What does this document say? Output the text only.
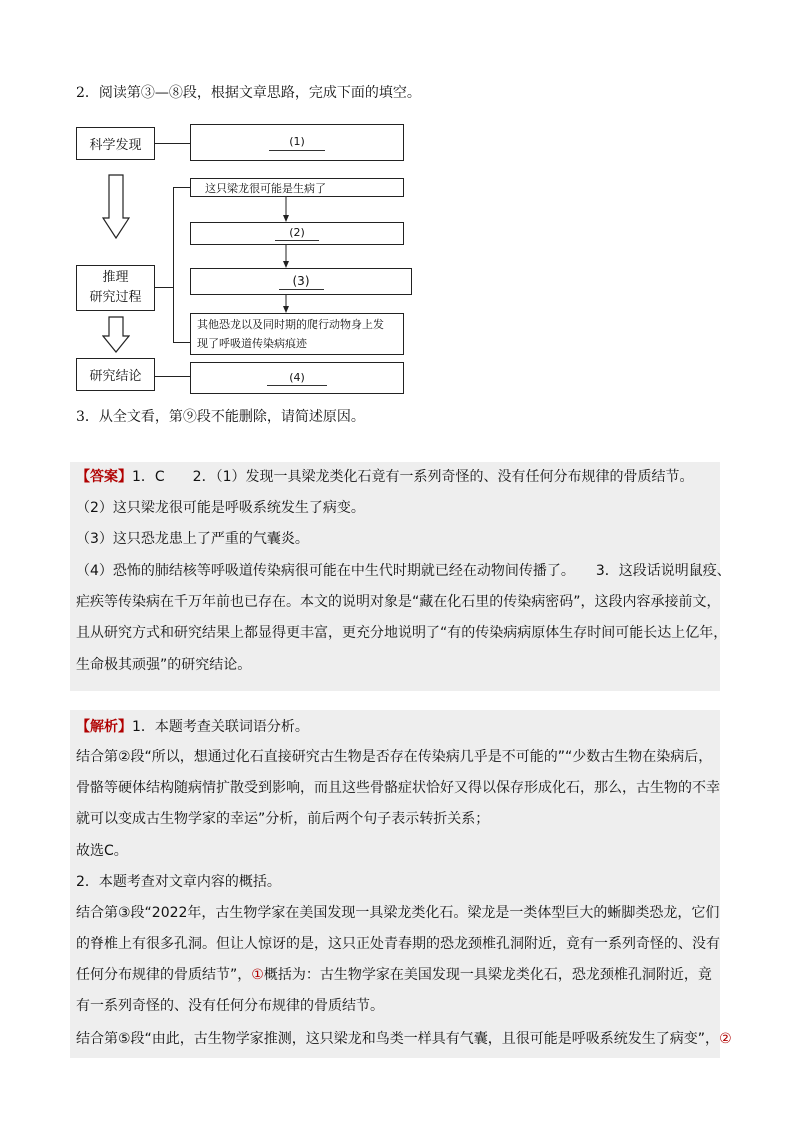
2．阅读第③—⑧段，根据文章思路，完成下面的填空。
科学发现
推理
研究过程
研究结论
(1)
这只梁龙很可能是生病了
(2)
(3)
其他恐龙以及同时期的爬行动物身上发
现了呼吸道传染病痕迹
(4)
3．从全文看，第⑨段不能删除，请简述原因。
【答案】1．C　　2．（1）发现一具梁龙类化石竟有一系列奇怪的、没有任何分布规律的骨质结节。
（2）这只梁龙很可能是呼吸系统发生了病变。
（3）这只恐龙患上了严重的气囊炎。
（4）恐怖的肺结核等呼吸道传染病很可能在中生代时期就已经在动物间传播了。　　3．这段话说明鼠疫、
疟疾等传染病在千万年前也已存在。本文的说明对象是“藏在化石里的传染病密码”，这段内容承接前文，
且从研究方式和研究结果上都显得更丰富，更充分地说明了“有的传染病病原体生存时间可能长达上亿年，
生命极其顽强”的研究结论。
【解析】1．本题考查关联词语分析。
结合第②段“所以，想通过化石直接研究古生物是否存在传染病几乎是不可能的”“少数古生物在染病后，
骨骼等硬体结构随病情扩散受到影响，而且这些骨骼症状恰好又得以保存形成化石，那么，古生物的不幸
就可以变成古生物学家的幸运”分析，前后两个句子表示转折关系；
故选C。
2．本题考查对文章内容的概括。
结合第③段“2022年，古生物学家在美国发现一具梁龙类化石。梁龙是一类体型巨大的蜥脚类恐龙，它们
的脊椎上有很多孔洞。但让人惊讶的是，这只正处青春期的恐龙颈椎孔洞附近，竟有一系列奇怪的、没有
任何分布规律的骨质结节”，①概括为：古生物学家在美国发现一具梁龙类化石，恐龙颈椎孔洞附近，竟
有一系列奇怪的、没有任何分布规律的骨质结节。
结合第⑤段“由此，古生物学家推测，这只梁龙和鸟类一样具有气囊，且很可能是呼吸系统发生了病变”，②
